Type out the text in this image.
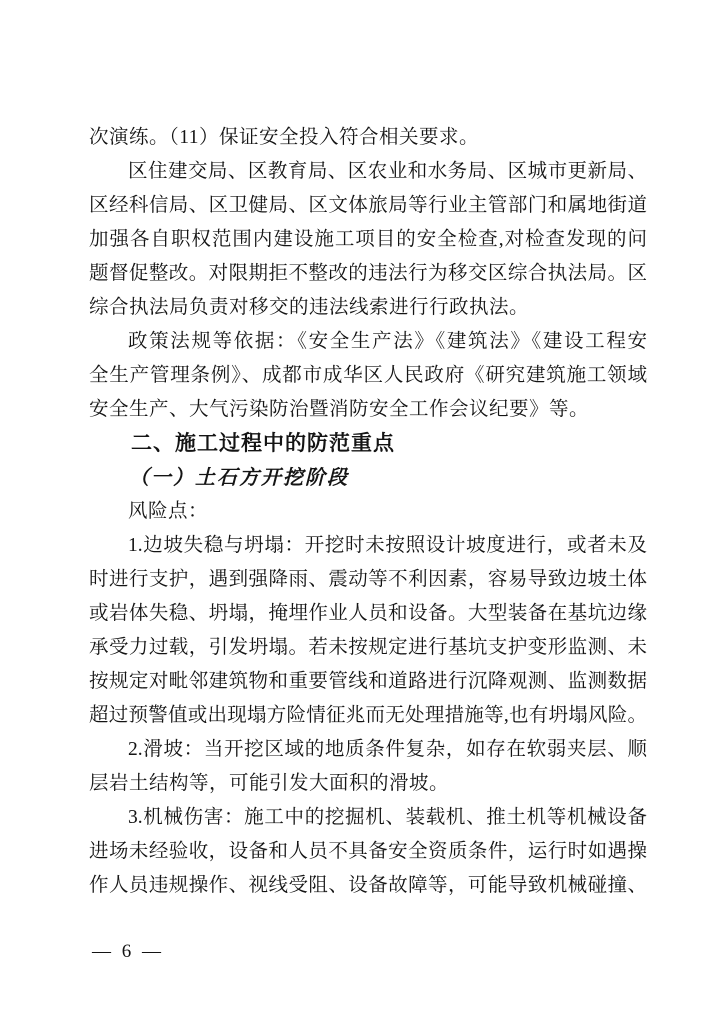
次演练。（11）保证安全投入符合相关要求。
区住建交局、区教育局、区农业和水务局、区城市更新局、
区经科信局、区卫健局、区文体旅局等行业主管部门和属地街道
加强各自职权范围内建设施工项目的安全检查,对检查发现的问
题督促整改。对限期拒不整改的违法行为移交区综合执法局。区
综合执法局负责对移交的违法线索进行行政执法。
政策法规等依据：《安全生产法》《建筑法》《建设工程安
全生产管理条例》、成都市成华区人民政府《研究建筑施工领域
安全生产、大气污染防治暨消防安全工作会议纪要》等。
二、施工过程中的防范重点
（一）土石方开挖阶段
风险点：
1.边坡失稳与坍塌：开挖时未按照设计坡度进行，或者未及
时进行支护，遇到强降雨、震动等不利因素，容易导致边坡土体
或岩体失稳、坍塌，掩埋作业人员和设备。大型装备在基坑边缘
承受力过载，引发坍塌。若未按规定进行基坑支护变形监测、未
按规定对毗邻建筑物和重要管线和道路进行沉降观测、监测数据
超过预警值或出现塌方险情征兆而无处理措施等,也有坍塌风险。
2.滑坡：当开挖区域的地质条件复杂，如存在软弱夹层、顺
层岩土结构等，可能引发大面积的滑坡。
3.机械伤害：施工中的挖掘机、装载机、推土机等机械设备
进场未经验收，设备和人员不具备安全资质条件，运行时如遇操
作人员违规操作、视线受阻、设备故障等，可能导致机械碰撞、
— 6 —
